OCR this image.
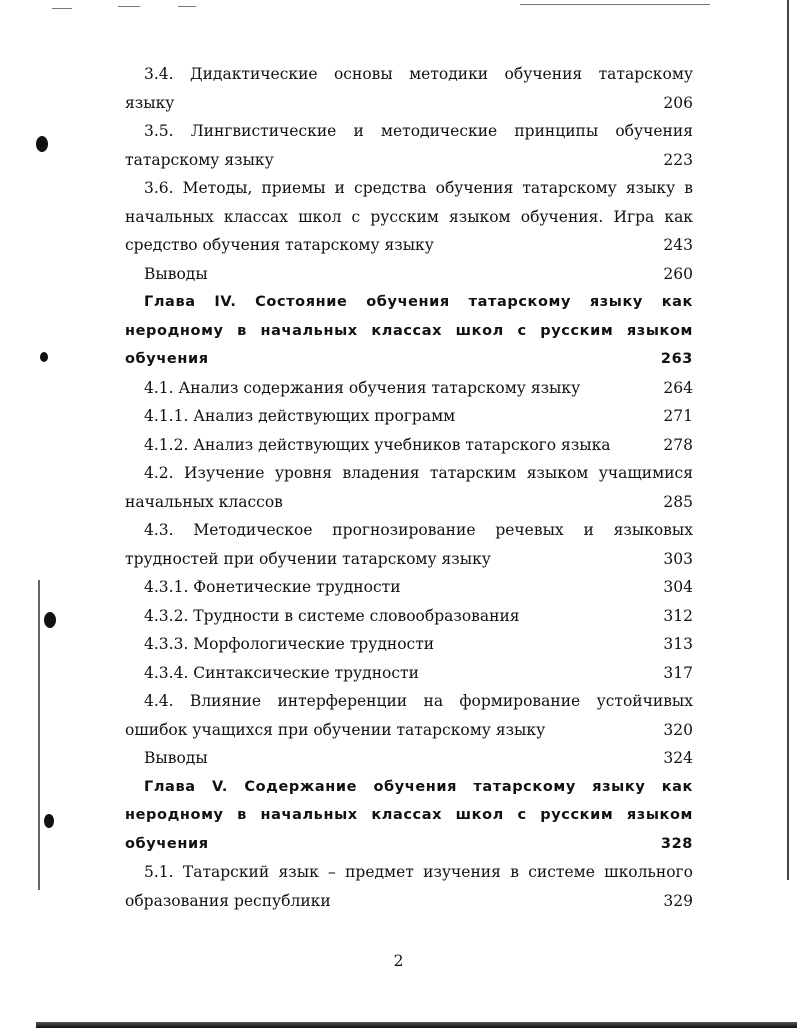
3.4. Дидактические основы методики обучения татарскому
языку	206
3.5. Лингвистические и методические принципы обучения
татарскому языку	223
3.6. Методы, приемы и средства обучения татарскому языку в
начальных классах школ с русским языком обучения. Игра как
средство обучения татарскому языку	243
Выводы	260
Глава IV. Состояние обучения татарскому языку как
неродному в начальных классах школ с русским языком
обучения	263
4.1. Анализ содержания обучения татарскому языку	264
4.1.1. Анализ действующих программ	271
4.1.2. Анализ действующих учебников татарского языка	278
4.2. Изучение уровня владения татарским языком учащимися
начальных классов	285
4.3. Методическое прогнозирование речевых и языковых
трудностей при обучении татарскому языку	303
4.3.1. Фонетические трудности	304
4.3.2. Трудности в системе словообразования	312
4.3.3. Морфологические трудности	313
4.3.4. Синтаксические трудности	317
4.4. Влияние интерференции на формирование устойчивых
ошибок учащихся при обучении татарскому языку	320
Выводы	324
Глава V. Содержание обучения татарскому языку как
неродному в начальных классах школ с русским языком
обучения	328
5.1. Татарский язык – предмет изучения в системе школьного
образования республики	329
2
